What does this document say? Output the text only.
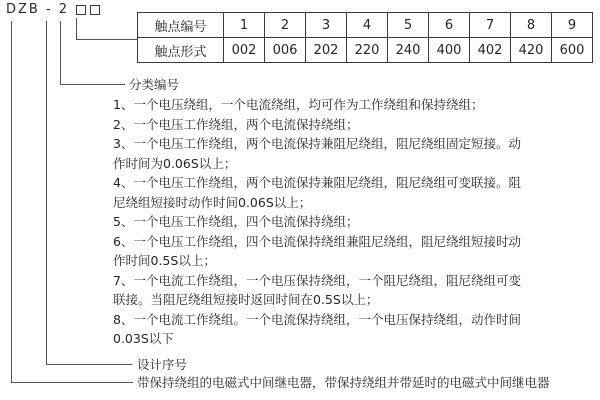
DZB - 2
触点编号	1	2	3	4	5	6	7	8	9
触点形式	002	006	202	220	240	400	402	420	600
分类编号
1、一个电压绕组，一个电流绕组，均可作为工作绕组和保持绕组；
2、一个电压工作绕组，两个电流保持绕组；
3、一个电压工作绕组，两个电流保持兼阻尼绕组，阻尼绕组固定短接。动作时间为0.06S以上；
4、一个电压工作绕组，两个电流保持兼阻尼绕组，阻尼绕组可变联接。阻尼绕组短接时动作时间0.06S以上；
5、一个电压工作绕组，四个电流保持绕组；
6、一个电压工作绕组，四个电流保持绕组兼阻尼绕组，阻尼绕组短接时动作时间0.5S以上；
7、一个电流工作绕组，一个电压保持绕组，一个阻尼绕组，阻尼绕组可变联接。当阻尼绕组短接时返回时间在0.5S以上；
8、一个电流工作绕组。一个电流保持绕组，一个电压保持绕组，动作时间0.03S以下
设计序号
带保持绕组的电磁式中间继电器，带保持绕组并带延时的电磁式中间继电器
